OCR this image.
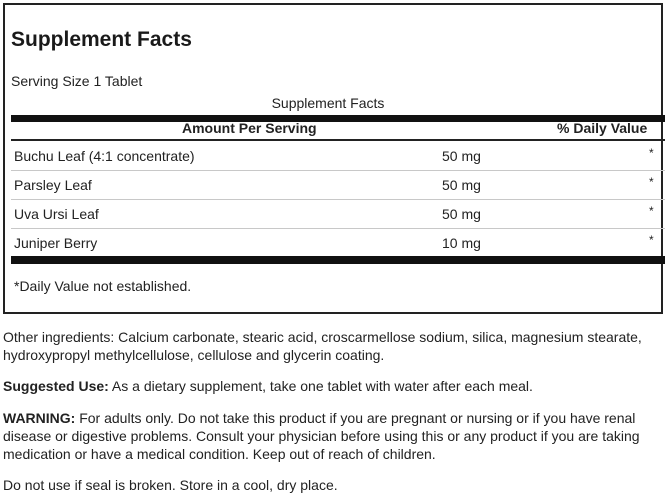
Supplement Facts
Serving Size 1 Tablet
Supplement Facts
Amount Per Serving	% Daily Value
Buchu Leaf (4:1 concentrate)	50 mg	*
Parsley Leaf	50 mg	*
Uva Ursi Leaf	50 mg	*
Juniper Berry	10 mg	*
*Daily Value not established.
Other ingredients: Calcium carbonate, stearic acid, croscarmellose sodium, silica, magnesium stearate, hydroxypropyl methylcellulose, cellulose and glycerin coating.
Suggested Use: As a dietary supplement, take one tablet with water after each meal.
WARNING: For adults only. Do not take this product if you are pregnant or nursing or if you have renal disease or digestive problems. Consult your physician before using this or any product if you are taking medication or have a medical condition. Keep out of reach of children.
Do not use if seal is broken. Store in a cool, dry place.
